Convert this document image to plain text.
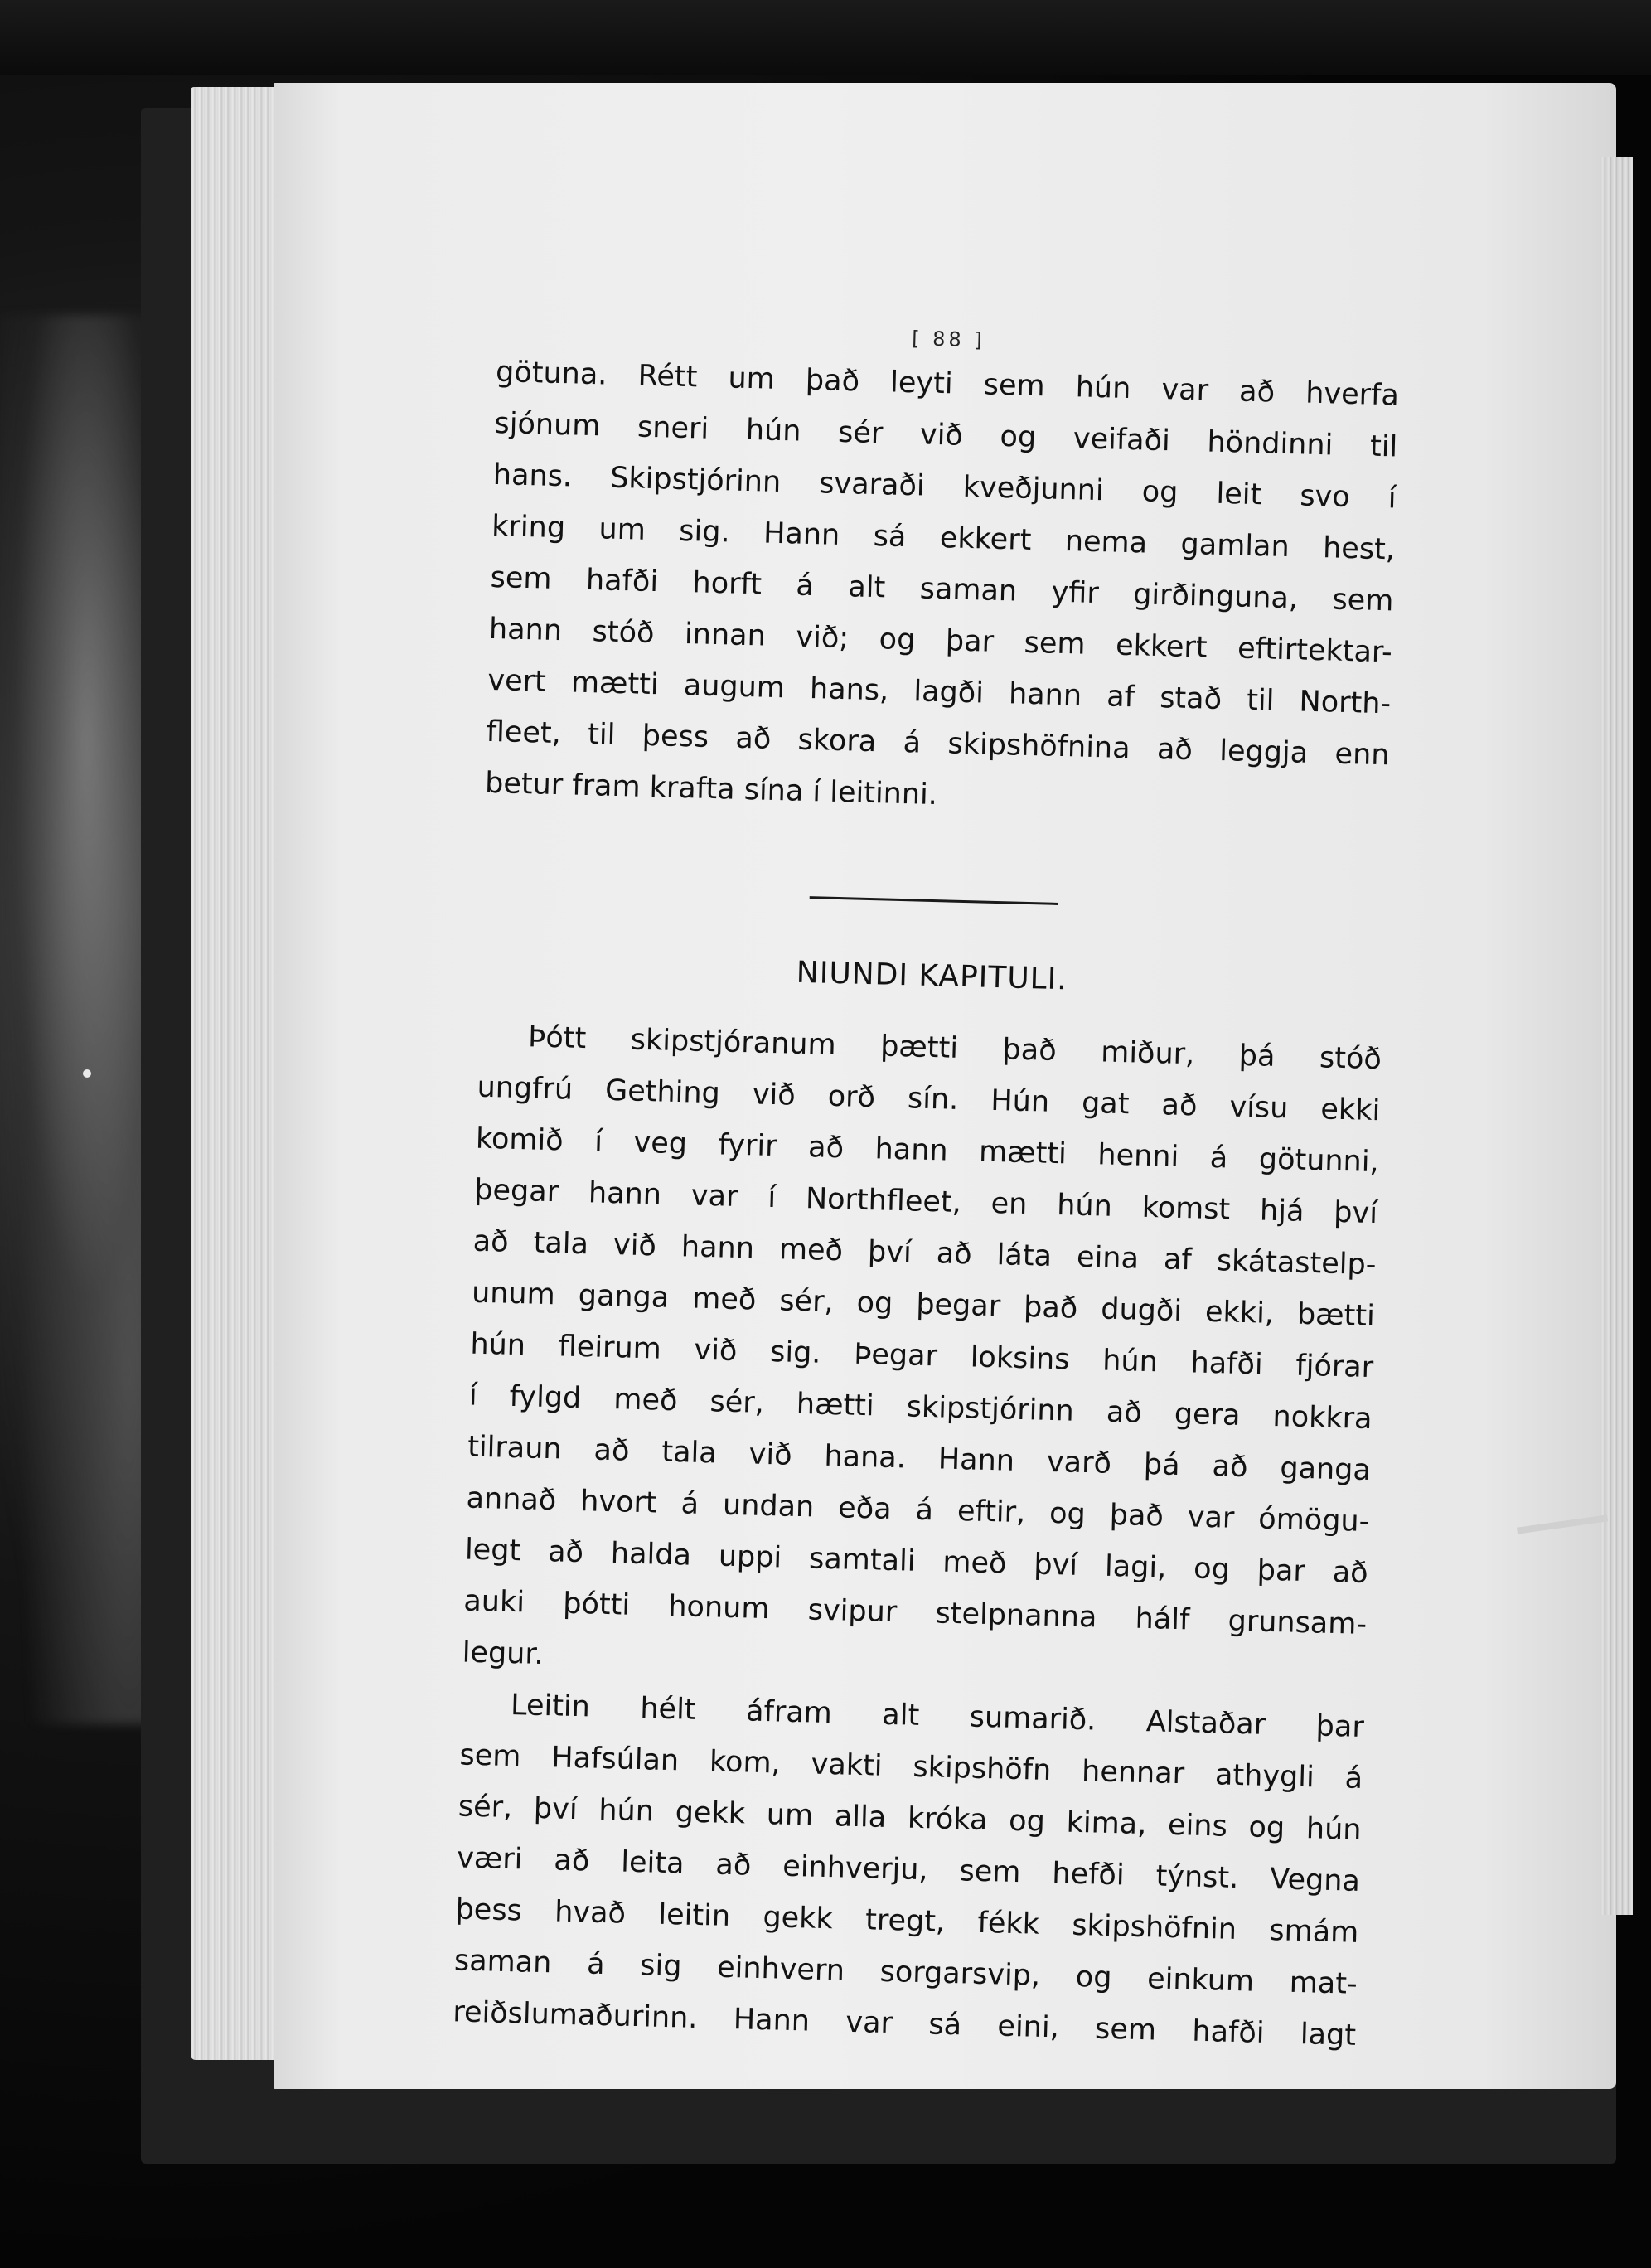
[ 88 ]
götuna. Rétt um það leyti sem hún var að hverfa
sjónum sneri hún sér við og veifaði höndinni til
hans. Skipstjórinn svaraði kveðjunni og leit svo í
kring um sig. Hann sá ekkert nema gamlan hest,
sem hafði horft á alt saman yfir girðinguna, sem
hann stóð innan við; og þar sem ekkert eftirtektar-
vert mætti augum hans, lagði hann af stað til North-
fleet, til þess að skora á skipshöfnina að leggja enn
betur fram krafta sína í leitinni.
NIUNDI KAPITULI.
Þótt skipstjóranum þætti það miður, þá stóð
ungfrú Gething við orð sín. Hún gat að vísu ekki
komið í veg fyrir að hann mætti henni á götunni,
þegar hann var í Northfleet, en hún komst hjá því
að tala við hann með því að láta eina af skátastelp-
unum ganga með sér, og þegar það dugði ekki, bætti
hún fleirum við sig. Þegar loksins hún hafði fjórar
í fylgd með sér, hætti skipstjórinn að gera nokkra
tilraun að tala við hana. Hann varð þá að ganga
annað hvort á undan eða á eftir, og það var ómögu-
legt að halda uppi samtali með því lagi, og þar að
auki þótti honum svipur stelpnanna hálf grunsam-
legur.
Leitin hélt áfram alt sumarið. Alstaðar þar
sem Hafsúlan kom, vakti skipshöfn hennar athygli á
sér, því hún gekk um alla króka og kima, eins og hún
væri að leita að einhverju, sem hefði týnst. Vegna
þess hvað leitin gekk tregt, fékk skipshöfnin smám
saman á sig einhvern sorgarsvip, og einkum mat-
reiðslumaðurinn. Hann var sá eini, sem hafði lagt
